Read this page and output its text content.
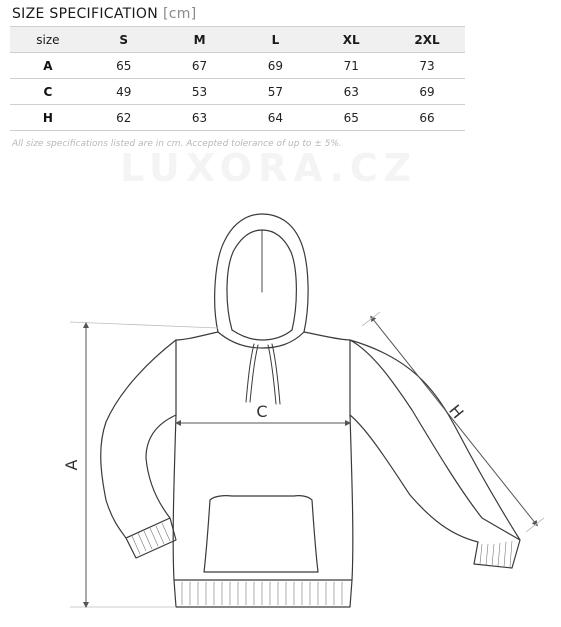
SIZE SPECIFICATION [cm]
size	S	M	L	XL	2XL
A	65	67	69	71	73
C	49	53	57	63	69
H	62	63	64	65	66
All size specifications listed are in cm. Accepted tolerance of up to ± 5%.
LUXORA.CZ
A
C	H
